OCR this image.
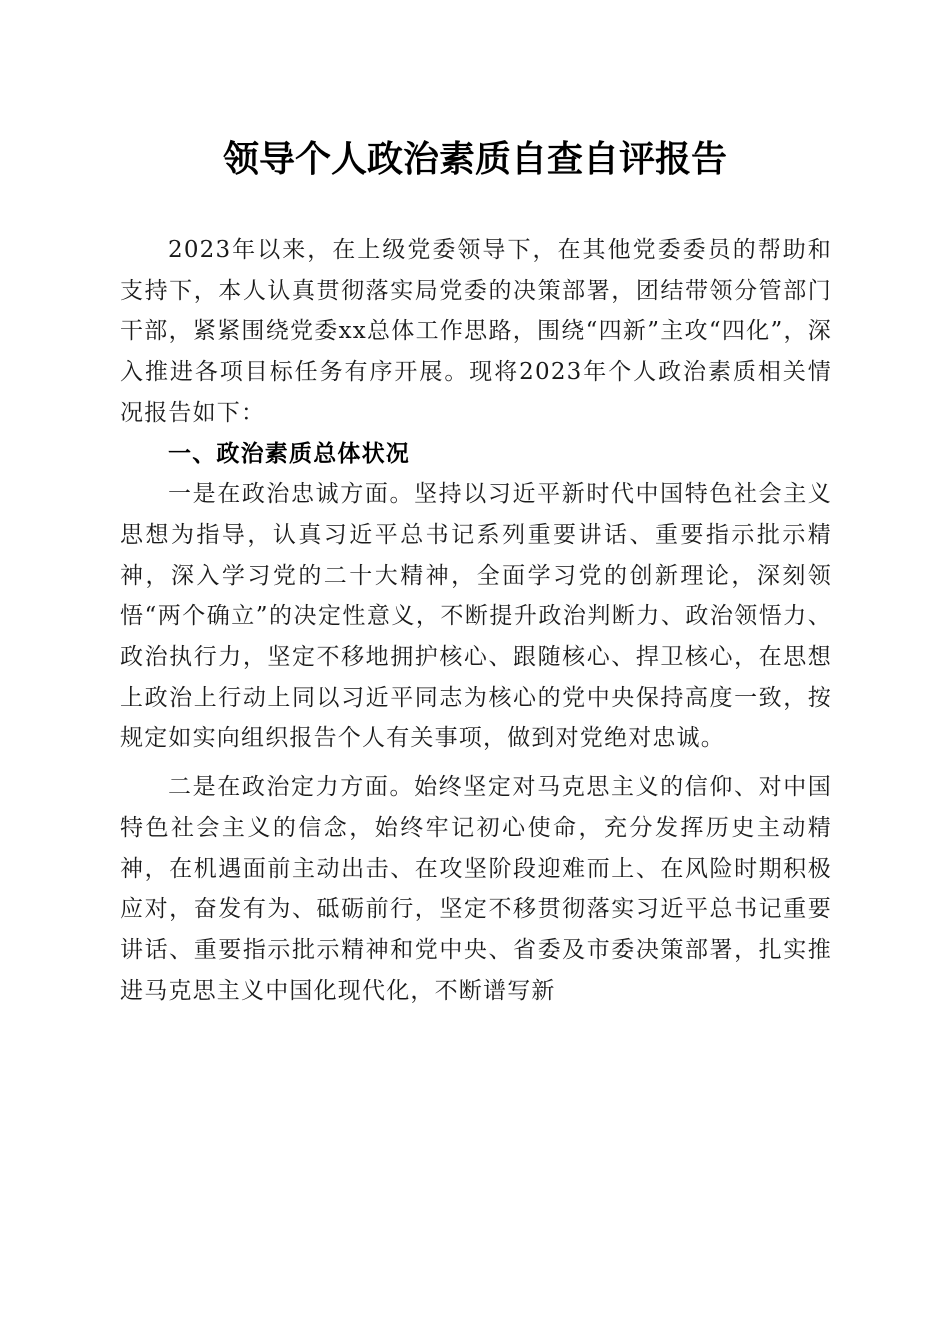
领导个人政治素质自查自评报告

2023年以来，在上级党委领导下，在其他党委委员的帮助和支持下，本人认真贯彻落实局党委的决策部署，团结带领分管部门干部，紧紧围绕党委xx总体工作思路，围绕“四新”主攻“四化”，深入推进各项目标任务有序开展。现将2023年个人政治素质相关情况报告如下：

一、政治素质总体状况

一是在政治忠诚方面。坚持以习近平新时代中国特色社会主义思想为指导，认真习近平总书记系列重要讲话、重要指示批示精神，深入学习党的二十大精神，全面学习党的创新理论，深刻领悟“两个确立”的决定性意义，不断提升政治判断力、政治领悟力、政治执行力，坚定不移地拥护核心、跟随核心、捍卫核心，在思想上政治上行动上同以习近平同志为核心的党中央保持高度一致，按规定如实向组织报告个人有关事项，做到对党绝对忠诚。

二是在政治定力方面。始终坚定对马克思主义的信仰、对中国特色社会主义的信念，始终牢记初心使命，充分发挥历史主动精神，在机遇面前主动出击、在攻坚阶段迎难而上、在风险时期积极应对，奋发有为、砥砺前行，坚定不移贯彻落实习近平总书记重要讲话、重要指示批示精神和党中央、省委及市委决策部署，扎实推进马克思主义中国化现代化，不断谱写新
